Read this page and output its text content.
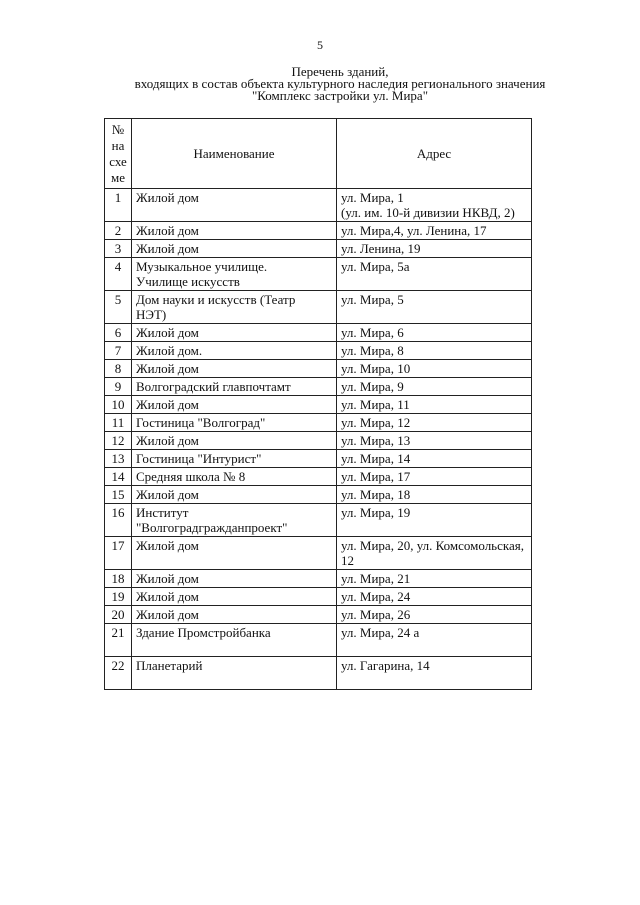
5
Перечень зданий,
входящих в состав объекта культурного наследия регионального значения
"Комплекс застройки ул. Мира"
№
на
схе
ме	Наименование	Адрес
1	Жилой дом	ул. Мира, 1
(ул. им. 10-й дивизии НКВД, 2)

2	Жилой дом	ул. Мира,4, ул. Ленина, 17

3	Жилой дом	ул. Ленина, 19

4	Музыкальное училище.
Училище искусств	ул. Мира, 5а

5	Дом науки и искусств (Театр
НЭТ)	ул. Мира, 5

6	Жилой дом	ул. Мира, 6

7	Жилой дом.	ул. Мира, 8

8	Жилой дом	ул. Мира, 10

9	Волгоградский главпочтамт	ул. Мира, 9

10	Жилой дом	ул. Мира, 11

11	Гостиница "Волгоград"	ул. Мира, 12

12	Жилой дом	ул. Мира, 13

13	Гостиница "Интурист"	ул. Мира, 14

14	Средняя школа № 8	ул. Мира, 17

15	Жилой дом	ул. Мира, 18

16	Институт
"Волгоградгражданпроект"	ул. Мира, 19

17	Жилой дом	ул. Мира, 20, ул. Комсомольская, 12

18	Жилой дом	ул. Мира, 21

19	Жилой дом	ул. Мира, 24

20	Жилой дом	ул. Мира, 26

21	Здание Промстройбанка	ул. Мира, 24 а

22	Планетарий	ул. Гагарина, 14
